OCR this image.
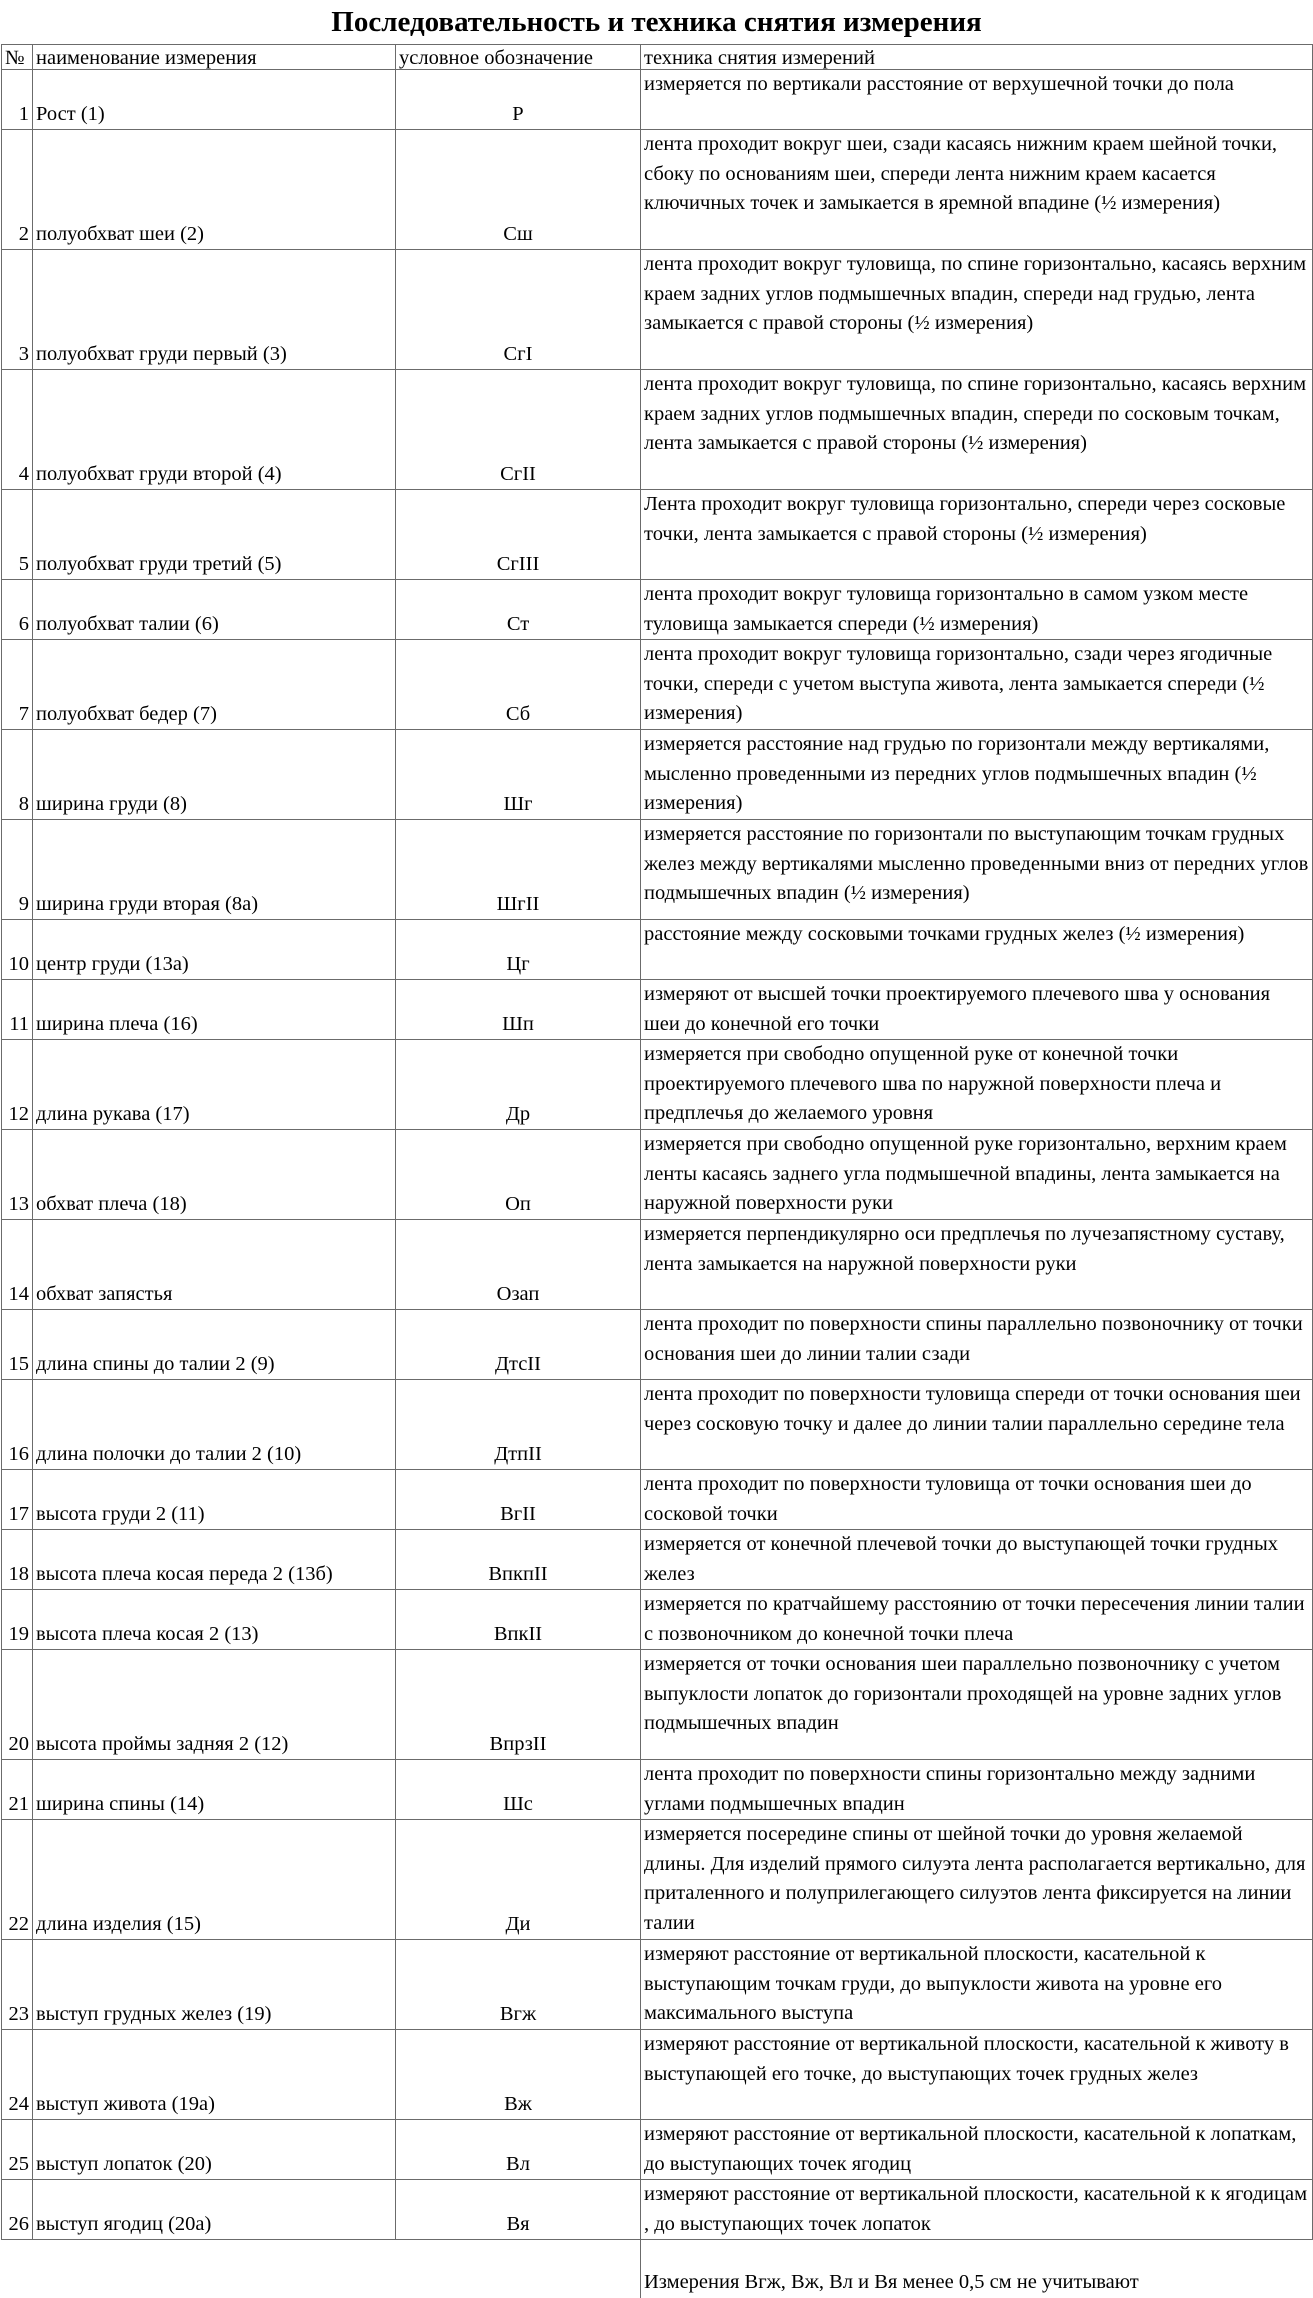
Последовательность и техника снятия измерения
№	наименование измерения	условное обозначение	техника снятия измерений
1	Рост (1)	Р	измеряется по вертикали расстояние от верхушечной точки до пола
2	полуобхват шеи (2)	Сш	лента проходит вокруг шеи, сзади касаясь нижним краем шейной точки, сбоку по основаниям шеи, спереди лента нижним краем касается ключичных точек и замыкается в яремной впадине (½ измерения)
3	полуобхват груди первый (3)	СгI	лента проходит вокруг туловища, по спине горизонтально, касаясь верхним краем задних углов подмышечных впадин, спереди над грудью, лента замыкается с правой стороны (½ измерения)
4	полуобхват груди второй (4)	СгII	лента проходит вокруг туловища, по спине горизонтально, касаясь верхним краем задних углов подмышечных впадин, спереди по сосковым точкам, лента замыкается с правой стороны (½ измерения)
5	полуобхват груди третий (5)	СгIII	Лента проходит вокруг туловища горизонтально, спереди через сосковые точки, лента замыкается с правой стороны (½ измерения)
6	полуобхват талии (6)	Ст	лента проходит вокруг туловища горизонтально в самом узком месте туловища замыкается спереди (½ измерения)
7	полуобхват бедер (7)	Сб	лента проходит вокруг туловища горизонтально, сзади через ягодичные точки, спереди с учетом выступа живота, лента замыкается спереди (½ измерения)
8	ширина груди (8)	Шг	измеряется расстояние над грудью по горизонтали между вертикалями, мысленно проведенными из передних углов подмышечных впадин (½ измерения)
9	ширина груди вторая (8а)	ШгII	измеряется расстояние по горизонтали по выступающим точкам грудных желез между вертикалями мысленно проведенными вниз от передних углов подмышечных впадин (½ измерения)
10	центр груди (13а)	Цг	расстояние между сосковыми точками грудных желез (½ измерения)
11	ширина плеча (16)	Шп	измеряют от высшей точки проектируемого плечевого шва у основания шеи до конечной его точки
12	длина рукава (17)	Др	измеряется при свободно опущенной руке от конечной точки проектируемого плечевого шва по наружной поверхности плеча и предплечья до желаемого уровня
13	обхват плеча (18)	Оп	измеряется при свободно опущенной руке горизонтально, верхним краем ленты касаясь заднего угла подмышечной впадины, лента замыкается на наружной поверхности руки
14	обхват запястья	Озап	измеряется перпендикулярно оси предплечья по лучезапястному суставу, лента замыкается на наружной поверхности руки
15	длина спины до талии 2 (9)	ДтсII	лента проходит по поверхности спины параллельно позвоночнику от точки основания шеи до линии талии сзади
16	длина полочки до талии 2 (10)	ДтпII	лента проходит по поверхности туловища спереди от точки основания шеи через сосковую точку и далее до линии талии параллельно середине тела
17	высота груди 2 (11)	ВгII	лента проходит по поверхности туловища от точки основания шеи до сосковой точки
18	высота плеча косая переда 2 (13б)	ВпкпII	измеряется от конечной плечевой точки до выступающей точки грудных желез
19	высота плеча косая 2 (13)	ВпкII	измеряется по кратчайшему расстоянию от точки пересечения линии талии с позвоночником до конечной точки плеча
20	высота проймы задняя 2 (12)	ВпрзII	измеряется от точки основания шеи параллельно позвоночнику с учетом выпуклости лопаток до горизонтали проходящей на уровне задних углов подмышечных впадин
21	ширина спины (14)	Шс	лента проходит по поверхности спины горизонтально между задними углами подмышечных впадин
22	длина изделия (15)	Ди	измеряется посередине спины от шейной точки до уровня желаемой длины. Для изделий прямого силуэта лента располагается вертикально, для приталенного и полуприлегающего силуэтов лента фиксируется на линии талии
23	выступ грудных желез (19)	Вгж	измеряют расстояние от вертикальной плоскости, касательной к выступающим точкам груди, до выпуклости живота на уровне его максимального выступа
24	выступ живота (19а)	Вж	измеряют расстояние от вертикальной плоскости, касательной к животу в выступающей его точке, до выступающих точек грудных желез
25	выступ лопаток (20)	Вл	измеряют расстояние от вертикальной плоскости, касательной к лопаткам, до выступающих точек ягодиц
26	выступ ягодиц (20а)	Вя	измеряют расстояние от вертикальной плоскости, касательной к к ягодицам , до выступающих точек лопаток

			Измерения Вгж, Вж, Вл и Вя менее 0,5 см не учитывают
